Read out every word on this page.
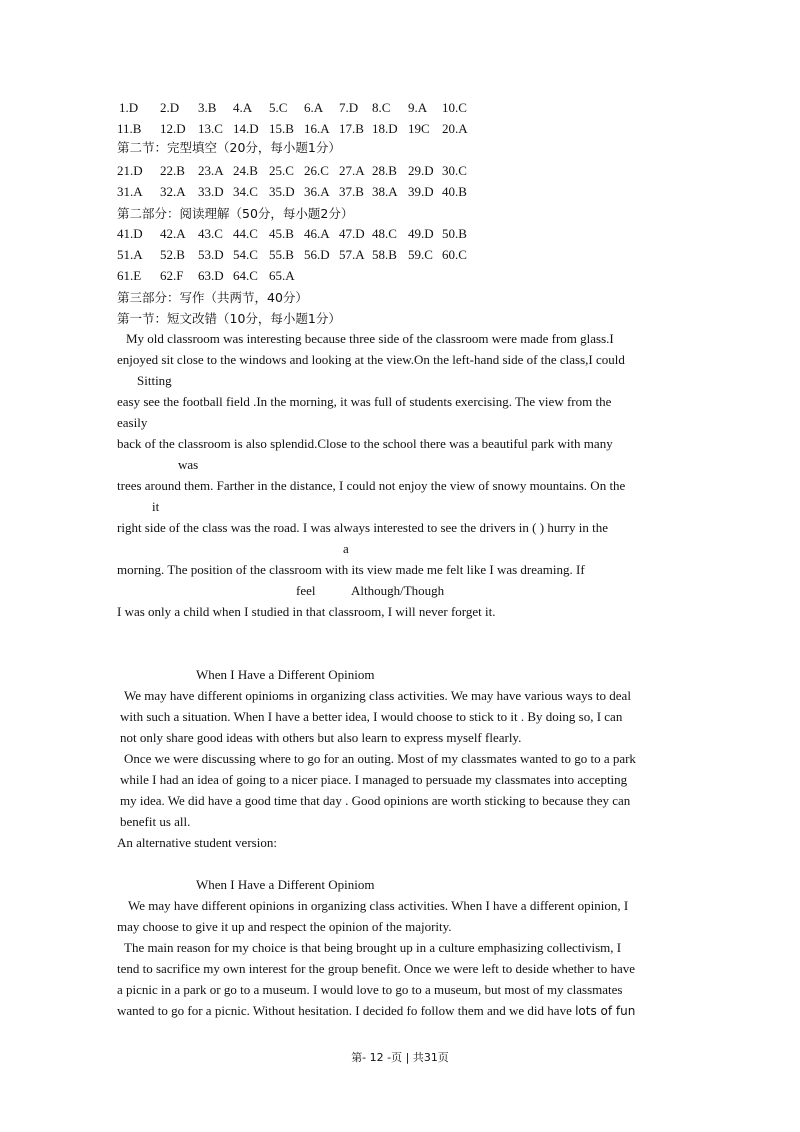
1.D 2.D 3.B 4.A 5.C 6.A 7.D 8.C 9.A 10.C
11.B 12.D 13.C 14.D 15.B 16.A 17.B 18.D 19C 20.A
21.D 22.B 23.A 24.B 25.C 26.C 27.A 28.B 29.D 30.C
31.A 32.A 33.D 34.C 35.D 36.A 37.B 38.A 39.D 40.B
41.D 42.A 43.C 44.C 45.B 46.A 47.D 48.C 49.D 50.B
51.A 52.B 53.D 54.C 55.B 56.D 57.A 58.B 59.C 60.C
61.E 62.F 63.D 64.C 65.A
第二节：完型填空（20分，每小题1分）
第二部分：阅读理解（50分，每小题2分）
第三部分：写作（共两节，40分）
第一节：短文改错（10分，每小题1分）
My old classroom was interesting because three side of the classroom were made from glass.I
enjoyed sit close to the windows and looking at the view.On the left-hand side of the class,I could
Sitting
easy see the football field .In the morning, it was full of students exercising. The view from the
easily
back of the classroom is also splendid.Close to the school there was a beautiful park with many
was
trees around them. Farther in the distance, I could not enjoy the view of snowy mountains. On the
it
right side of the class was the road. I was always interested to see the drivers in ( ) hurry in the
a
morning. The position of the classroom with its view made me felt like I was dreaming. If
feel	Although/Though
I was only a child when I studied in that classroom, I will never forget it.
When I Have a Different Opiniom
We may have different opinioms in organizing class activities. We may have various ways to deal
with such a situation. When I have a better idea, I would choose to stick to it . By doing so, I can
not only share good ideas with others but also learn to express myself flearly.
Once we were discussing where to go for an outing. Most of my classmates wanted to go to a park
while I had an idea of going to a nicer piace. I managed to persuade my classmates into accepting
my idea. We did have a good time that day . Good opinions are worth sticking to because they can
benefit us all.
An alternative student version:
When I Have a Different Opiniom
We may have different opinions in organizing class activities. When I have a different opinion, I
may choose to give it up and respect the opinion of the majority.
The main reason for my choice is that being brought up in a culture emphasizing collectivism, I
tend to sacrifice my own interest for the group benefit. Once we were left to deside whether to have
a picnic in a park or go to a museum. I would love to go to a museum, but most of my classmates
wanted to go for a picnic. Without hesitation. I decided fo follow them and we did have lots of fun
第- 12 -页 | 共31页
